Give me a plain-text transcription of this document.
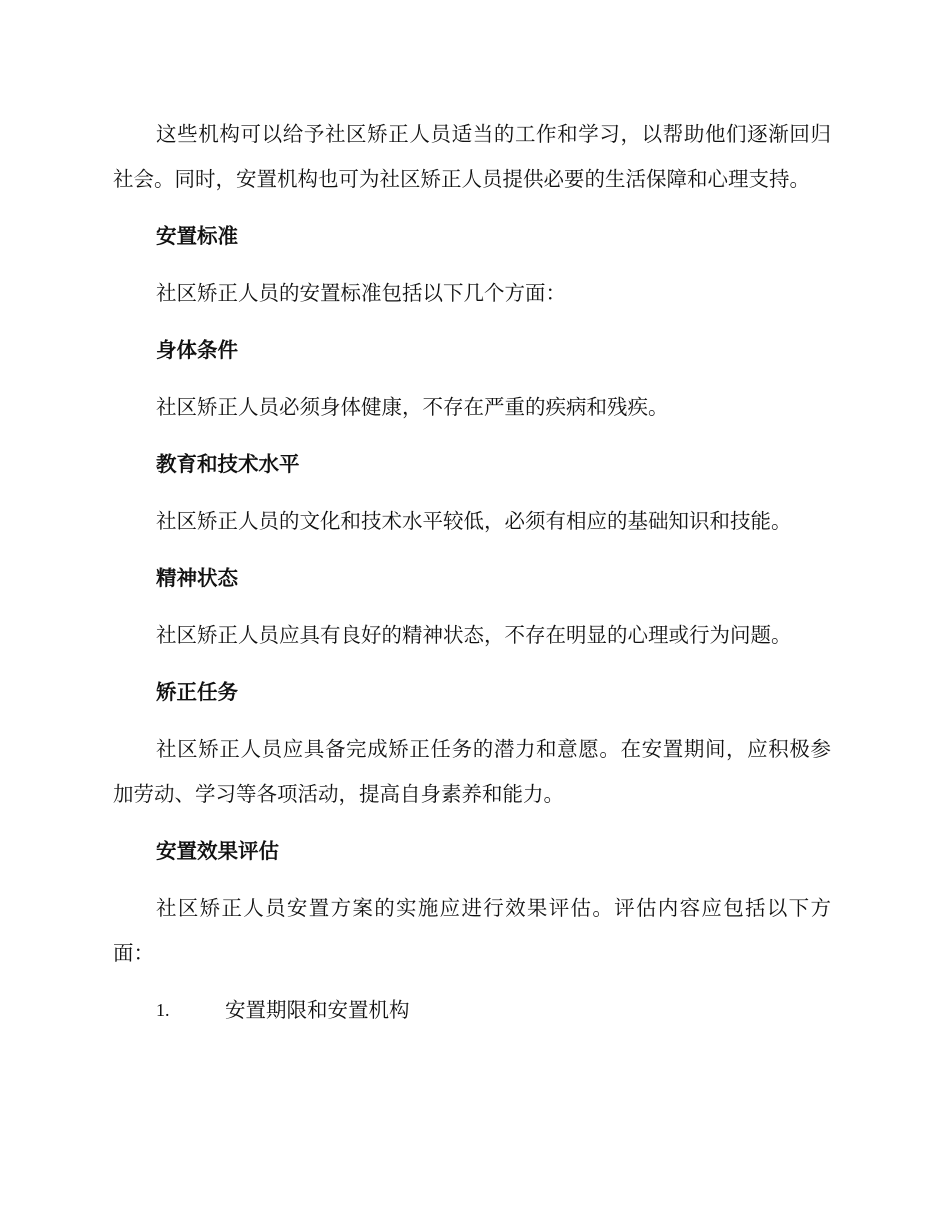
这些机构可以给予社区矫正人员适当的工作和学习，以帮助他们逐渐回归社会。同时，安置机构也可为社区矫正人员提供必要的生活保障和心理支持。

安置标准

社区矫正人员的安置标准包括以下几个方面：

身体条件

社区矫正人员必须身体健康，不存在严重的疾病和残疾。

教育和技术水平

社区矫正人员的文化和技术水平较低，必须有相应的基础知识和技能。

精神状态

社区矫正人员应具有良好的精神状态，不存在明显的心理或行为问题。

矫正任务

社区矫正人员应具备完成矫正任务的潜力和意愿。在安置期间，应积极参加劳动、学习等各项活动，提高自身素养和能力。

安置效果评估

社区矫正人员安置方案的实施应进行效果评估。评估内容应包括以下方面：

1.	安置期限和安置机构
